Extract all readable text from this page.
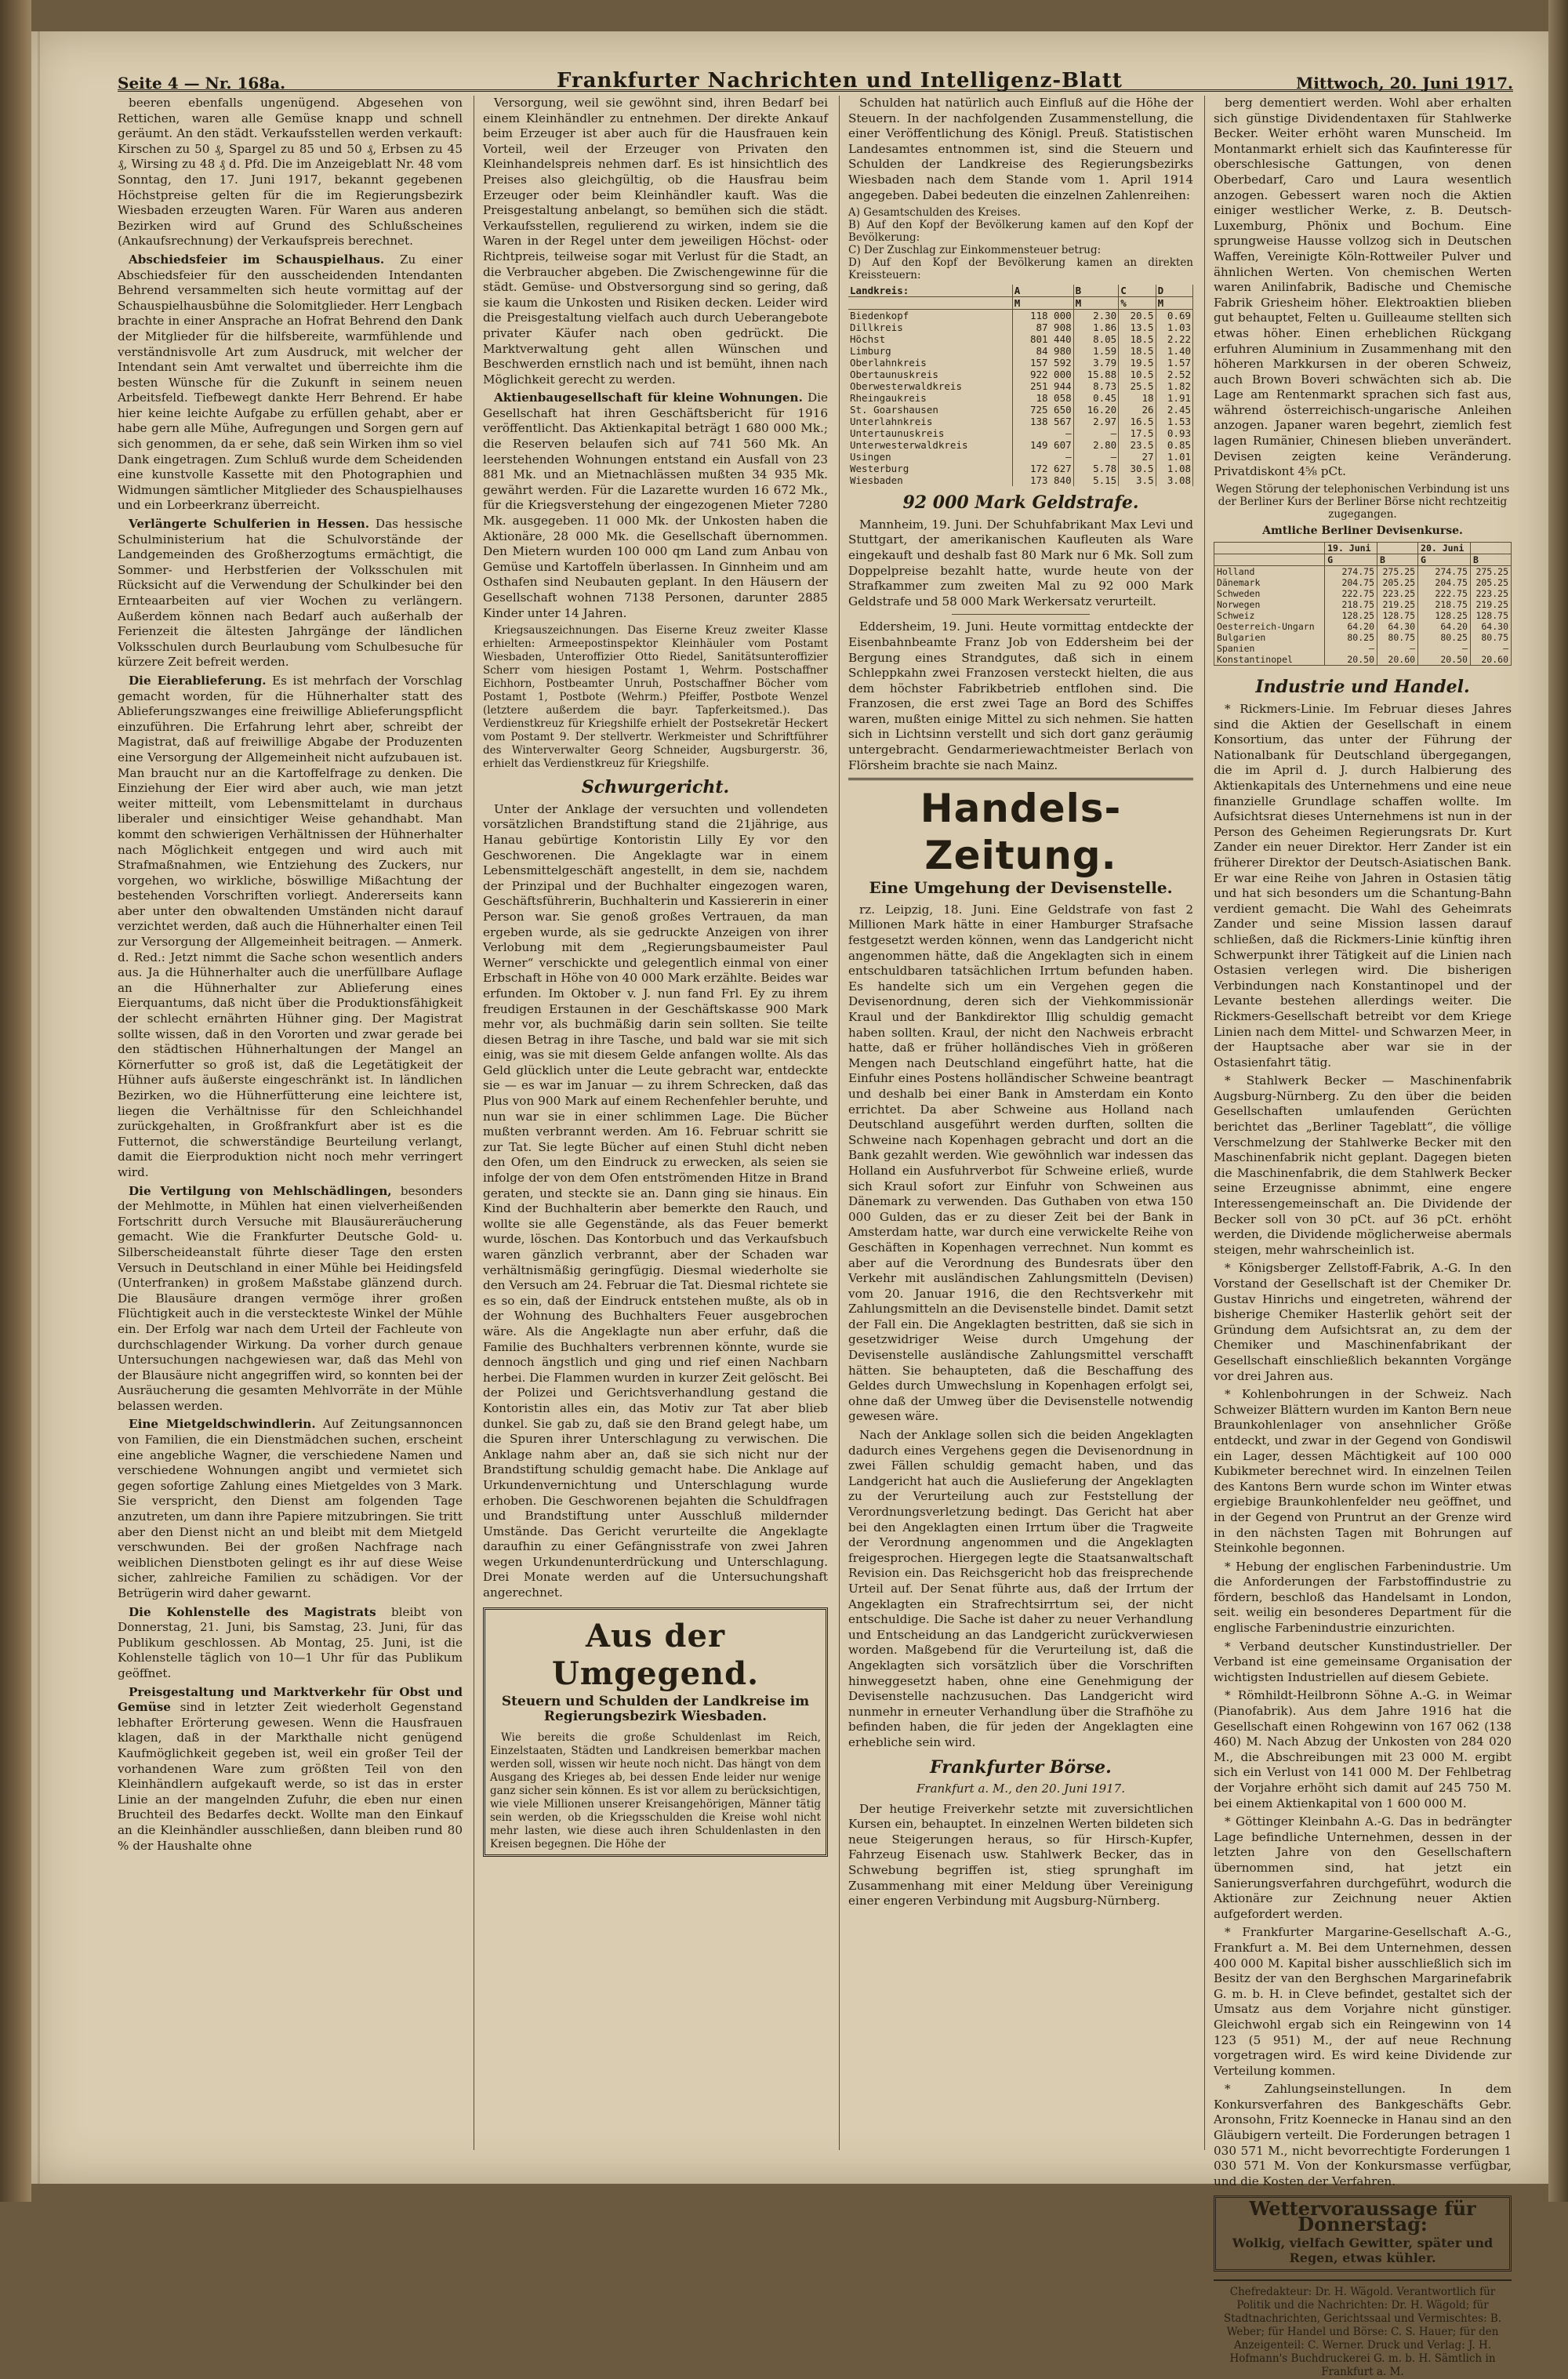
Seite 4 — Nr. 168a.	Frankfurter Nachrichten und Intelligenz-Blatt	Mittwoch, 20. Juni 1917.

beeren ebenfalls ungenügend. Abgesehen von Rettichen, waren alle Gemüse knapp und schnell geräumt. An den städt. Verkaufsstellen werden verkauft: Kirschen zu 50 ₰, Spargel zu 85 und 50 ₰, Erbsen zu 45 ₰, Wirsing zu 48 ₰ d. Pfd. Die im Anzeigeblatt Nr. 48 vom Sonntag, den 17. Juni 1917, bekannt gegebenen Höchstpreise gelten für die im Regierungsbezirk Wiesbaden erzeugten Waren. Für Waren aus anderen Bezirken wird auf Grund des Schlußscheines (Ankaufsrechnung) der Verkaufspreis berechnet.

Abschiedsfeier im Schauspielhaus. Zu einer Abschiedsfeier für den ausscheidenden Intendanten Behrend versammelten sich heute vormittag auf der Schauspielhausbühne die Solomitglieder. Herr Lengbach brachte in einer Ansprache an Hofrat Behrend den Dank der Mitglieder für die hilfsbereite, warmfühlende und verständnisvolle Art zum Ausdruck, mit welcher der Intendant sein Amt verwaltet und überreichte ihm die besten Wünsche für die Zukunft in seinem neuen Arbeitsfeld. Tiefbewegt dankte Herr Behrend. Er habe hier keine leichte Aufgabe zu erfüllen gehabt, aber er habe gern alle Mühe, Aufregungen und Sorgen gern auf sich genommen, da er sehe, daß sein Wirken ihm so viel Dank eingetragen. Zum Schluß wurde dem Scheidenden eine kunstvolle Kassette mit den Photographien und Widmungen sämtlicher Mitglieder des Schauspielhauses und ein Lorbeerkranz überreicht.

Verlängerte Schulferien in Hessen. Das hessische Schulministerium hat die Schulvorstände der Landgemeinden des Großherzogtums ermächtigt, die Sommer- und Herbstferien der Volksschulen mit Rücksicht auf die Verwendung der Schulkinder bei den Ernteaarbeiten auf vier Wochen zu verlängern. Außerdem können nach Bedarf auch außerhalb der Ferienzeit die ältesten Jahrgänge der ländlichen Volksschulen durch Beurlaubung vom Schulbesuche für kürzere Zeit befreit werden.

Die Eierablieferung. Es ist mehrfach der Vorschlag gemacht worden, für die Hühnerhalter statt des Ablieferungszwanges eine freiwillige Ablieferungspflicht einzuführen. Die Erfahrung lehrt aber, schreibt der Magistrat, daß auf freiwillige Abgabe der Produzenten eine Versorgung der Allgemeinheit nicht aufzubauen ist. Man braucht nur an die Kartoffelfrage zu denken. Die Einziehung der Eier wird aber auch, wie man jetzt weiter mitteilt, vom Lebensmittelamt in durchaus liberaler und einsichtiger Weise gehandhabt. Man kommt den schwierigen Verhältnissen der Hühnerhalter nach Möglichkeit entgegen und wird auch mit Strafmaßnahmen, wie Entziehung des Zuckers, nur vorgehen, wo wirkliche, böswillige Mißachtung der bestehenden Vorschriften vorliegt. Andererseits kann aber unter den obwaltenden Umständen nicht darauf verzichtet werden, daß auch die Hühnerhalter einen Teil zur Versorgung der Allgemeinheit beitragen. — Anmerk. d. Red.: Jetzt nimmt die Sache schon wesentlich anders aus. Ja die Hühnerhalter auch die unerfüllbare Auflage an die Hühnerhalter zur Ablieferung eines Eierquantums, daß nicht über die Produktionsfähigkeit der schlecht ernährten Hühner ging. Der Magistrat sollte wissen, daß in den Vororten und zwar gerade bei den städtischen Hühnerhaltungen der Mangel an Körnerfutter so groß ist, daß die Legetätigkeit der Hühner aufs äußerste eingeschränkt ist. In ländlichen Bezirken, wo die Hühnerfütterung eine leichtere ist, liegen die Verhältnisse für den Schleichhandel zurückgehalten, in Großfrankfurt aber ist es die Futternot, die schwerständige Beurteilung verlangt, damit die Eierproduktion nicht noch mehr verringert wird.

Die Vertilgung von Mehlschädlingen, besonders der Mehlmotte, in Mühlen hat einen vielverheißenden Fortschritt durch Versuche mit Blausäureräucherung gemacht. Wie die Frankfurter Deutsche Gold- u. Silberscheideanstalt führte dieser Tage den ersten Versuch in Deutschland in einer Mühle bei Heidingsfeld (Unterfranken) in großem Maßstabe glänzend durch. Die Blausäure drangen vermöge ihrer großen Flüchtigkeit auch in die versteckteste Winkel der Mühle ein. Der Erfolg war nach dem Urteil der Fachleute von durchschlagender Wirkung. Da vorher durch genaue Untersuchungen nachgewiesen war, daß das Mehl von der Blausäure nicht angegriffen wird, so konnten bei der Ausräucherung die gesamten Mehlvorräte in der Mühle belassen werden.

Eine Mietgeldschwindlerin. Auf Zeitungsannoncen von Familien, die ein Dienstmädchen suchen, erscheint eine angebliche Wagner, die verschiedene Namen und verschiedene Wohnungen angibt und vermietet sich gegen sofortige Zahlung eines Mietgeldes von 3 Mark. Sie verspricht, den Dienst am folgenden Tage anzutreten, um dann ihre Papiere mitzubringen. Sie tritt aber den Dienst nicht an und bleibt mit dem Mietgeld verschwunden. Bei der großen Nachfrage nach weiblichen Dienstboten gelingt es ihr auf diese Weise sicher, zahlreiche Familien zu schädigen. Vor der Betrügerin wird daher gewarnt.

Die Kohlenstelle des Magistrats bleibt von Donnerstag, 21. Juni, bis Samstag, 23. Juni, für das Publikum geschlossen. Ab Montag, 25. Juni, ist die Kohlenstelle täglich von 10—1 Uhr für das Publikum geöffnet.

Preisgestaltung und Marktverkehr für Obst und Gemüse sind in letzter Zeit wiederholt Gegenstand lebhafter Erörterung gewesen. Wenn die Hausfrauen klagen, daß in der Markthalle nicht genügend Kaufmöglichkeit gegeben ist, weil ein großer Teil der vorhandenen Ware zum größten Teil von den Kleinhändlern aufgekauft werde, so ist das in erster Linie an der mangelnden Zufuhr, die eben nur einen Bruchteil des Bedarfes deckt. Wollte man den Einkauf an die Kleinhändler ausschließen, dann bleiben rund 80 % der Haushalte ohne

Versorgung, weil sie gewöhnt sind, ihren Bedarf bei einem Kleinhändler zu entnehmen. Der direkte Ankauf beim Erzeuger ist aber auch für die Hausfrauen kein Vorteil, weil der Erzeuger von Privaten den Kleinhandelspreis nehmen darf. Es ist hinsichtlich des Preises also gleichgültig, ob die Hausfrau beim Erzeuger oder beim Kleinhändler kauft. Was die Preisgestaltung anbelangt, so bemühen sich die städt. Verkaufsstellen, regulierend zu wirken, indem sie die Waren in der Regel unter dem jeweiligen Höchst- oder Richtpreis, teilweise sogar mit Verlust für die Stadt, an die Verbraucher abgeben. Die Zwischengewinne für die städt. Gemüse- und Obstversorgung sind so gering, daß sie kaum die Unkosten und Risiken decken. Leider wird die Preisgestaltung vielfach auch durch Ueberangebote privater Käufer nach oben gedrückt. Die Marktverwaltung geht allen Wünschen und Beschwerden ernstlich nach und ist bemüht, ihnen nach Möglichkeit gerecht zu werden.

Aktienbaugesellschaft für kleine Wohnungen. Die Gesellschaft hat ihren Geschäftsbericht für 1916 veröffentlicht. Das Aktienkapital beträgt 1 680 000 Mk.; die Reserven belaufen sich auf 741 560 Mk. An leerstehenden Wohnungen entstand ein Ausfall von 23 881 Mk. und an Mietnachlässen mußten 34 935 Mk. gewährt werden. Für die Lazarette wurden 16 672 Mk., für die Kriegsverstehung der eingezogenen Mieter 7280 Mk. ausgegeben. 11 000 Mk. der Unkosten haben die Aktionäre, 28 000 Mk. die Gesellschaft übernommen. Den Mietern wurden 100 000 qm Land zum Anbau von Gemüse und Kartoffeln überlassen. In Ginnheim und am Osthafen sind Neubauten geplant. In den Häusern der Gesellschaft wohnen 7138 Personen, darunter 2885 Kinder unter 14 Jahren.

Kriegsauszeichnungen. Das Eiserne Kreuz zweiter Klasse erhielten: Armeepostinspektor Kleinhäuler vom Postamt Wiesbaden, Unteroffizier Otto Riedel, Sanitätsunteroffizier Scherr vom hiesigen Postamt 1, Wehrm. Postschaffner Eichhorn, Postbeamter Unruh, Postschaffner Böcher vom Postamt 1, Postbote (Wehrm.) Pfeiffer, Postbote Wenzel (letztere außerdem die bayr. Tapferkeitsmed.). Das Verdienstkreuz für Kriegshilfe erhielt der Postsekretär Heckert vom Postamt 9. Der stellvertr. Werkmeister und Schriftführer des Winterverwalter Georg Schneider, Augsburgerstr. 36, erhielt das Verdienstkreuz für Kriegshilfe.

Schwurgericht.

Unter der Anklage der versuchten und vollendeten vorsätzlichen Brandstiftung stand die 21jährige, aus Hanau gebürtige Kontoristin Lilly Ey vor den Geschworenen. Die Angeklagte war in einem Lebensmittelgeschäft angestellt, in dem sie, nachdem der Prinzipal und der Buchhalter eingezogen waren, Geschäftsführerin, Buchhalterin und Kassiererin in einer Person war. Sie genoß großes Vertrauen, da man ergeben wurde, als sie gedruckte Anzeigen von ihrer Verlobung mit dem „Regierungsbaumeister Paul Werner“ verschickte und gelegentlich einmal von einer Erbschaft in Höhe von 40 000 Mark erzählte. Beides war erfunden. Im Oktober v. J. nun fand Frl. Ey zu ihrem freudigen Erstaunen in der Geschäftskasse 900 Mark mehr vor, als buchmäßig darin sein sollten. Sie teilte diesen Betrag in ihre Tasche, und bald war sie mit sich einig, was sie mit diesem Gelde anfangen wollte. Als das Geld glücklich unter die Leute gebracht war, entdeckte sie — es war im Januar — zu ihrem Schrecken, daß das Plus von 900 Mark auf einem Rechenfehler beruhte, und nun war sie in einer schlimmen Lage. Die Bücher mußten verbrannt werden. Am 16. Februar schritt sie zur Tat. Sie legte Bücher auf einen Stuhl dicht neben den Ofen, um den Eindruck zu erwecken, als seien sie infolge der von dem Ofen entströmenden Hitze in Brand geraten, und steckte sie an. Dann ging sie hinaus. Ein Kind der Buchhalterin aber bemerkte den Rauch, und wollte sie alle Gegenstände, als das Feuer bemerkt wurde, löschen. Das Kontorbuch und das Verkaufsbuch waren gänzlich verbrannt, aber der Schaden war verhältnismäßig geringfügig. Diesmal wiederholte sie den Versuch am 24. Februar die Tat. Diesmal richtete sie es so ein, daß der Eindruck entstehen mußte, als ob in der Wohnung des Buchhalters Feuer ausgebrochen wäre. Als die Angeklagte nun aber erfuhr, daß die Familie des Buchhalters verbrennen könnte, wurde sie dennoch ängstlich und ging und rief einen Nachbarn herbei. Die Flammen wurden in kurzer Zeit gelöscht. Bei der Polizei und Gerichtsverhandlung gestand die Kontoristin alles ein, das Motiv zur Tat aber blieb dunkel. Sie gab zu, daß sie den Brand gelegt habe, um die Spuren ihrer Unterschlagung zu verwischen. Die Anklage nahm aber an, daß sie sich nicht nur der Brandstiftung schuldig gemacht habe. Die Anklage auf Urkundenvernichtung und Unterschlagung wurde erhoben. Die Geschworenen bejahten die Schuldfragen und Brandstiftung unter Ausschluß mildernder Umstände. Das Gericht verurteilte die Angeklagte daraufhin zu einer Gefängnisstrafe von zwei Jahren wegen Urkundenunterdrückung und Unterschlagung. Drei Monate werden auf die Untersuchungshaft angerechnet.

Aus der Umgegend.
Steuern und Schulden der Landkreise im Regierungsbezirk Wiesbaden.

Wie bereits die große Schuldenlast im Reich, Einzelstaaten, Städten und Landkreisen bemerkbar machen werden soll, wissen wir heute noch nicht. Das hängt von dem Ausgang des Krieges ab, bei dessen Ende leider nur wenige ganz sicher sein können. Es ist vor allem zu berücksichtigen, wie viele Millionen unserer Kreisangehörigen, Männer tätig sein werden, ob die Kriegsschulden die Kreise wohl nicht mehr lasten, wie diese auch ihren Schuldenlasten in den Kreisen begegnen. Die Höhe der

Schulden hat natürlich auch Einfluß auf die Höhe der Steuern. In der nachfolgenden Zusammenstellung, die einer Veröffentlichung des Königl. Preuß. Statistischen Landesamtes entnommen ist, sind die Steuern und Schulden der Landkreise des Regierungsbezirks Wiesbaden nach dem Stande vom 1. April 1914 angegeben. Dabei bedeuten die einzelnen Zahlenreihen:

A) Gesamtschulden des Kreises.
B) Auf den Kopf der Bevölkerung kamen auf den Kopf der Bevölkerung:
C) Der Zuschlag zur Einkommensteuer betrug:
D) Auf den Kopf der Bevölkerung kamen an direkten Kreissteuern:
Landkreis:	A	B	C	D
	M	M	%	M
Biedenkopf	118 000	2.30	20.5	0.69
Dillkreis	87 908	1.86	13.5	1.03
Höchst	801 440	8.05	18.5	2.22
Limburg	84 980	1.59	18.5	1.40
Oberlahnkreis	157 592	3.79	19.5	1.57
Obertaunuskreis	922 000	15.88	10.5	2.52
Oberwesterwaldkreis	251 944	8.73	25.5	1.82
Rheingaukreis	18 058	0.45	18	1.91
St. Goarshausen	725 650	16.20	26	2.45
Unterlahnkreis	138 567	2.97	16.5	1.53
Untertaunuskreis	—	—	17.5	0.93
Unterwesterwaldkreis	149 607	2.80	23.5	0.85
Usingen	—	—	27	1.01
Westerburg	172 627	5.78	30.5	1.08
Wiesbaden	173 840	5.15	3.5	3.08
92 000 Mark Geldstrafe.

Mannheim, 19. Juni. Der Schuhfabrikant Max Levi und Stuttgart, der amerikanischen Kaufleuten als Ware eingekauft und deshalb fast 80 Mark nur 6 Mk. Soll zum Doppelpreise bezahlt hatte, wurde heute von der Strafkammer zum zweiten Mal zu 92 000 Mark Geldstrafe und 58 000 Mark Werkersatz verurteilt.

Eddersheim, 19. Juni. Heute vormittag entdeckte der Eisenbahnbeamte Franz Job von Eddersheim bei der Bergung eines Strandgutes, daß sich in einem Schleppkahn zwei Franzosen versteckt hielten, die aus dem höchster Fabrikbetrieb entflohen sind. Die Franzosen, die erst zwei Tage an Bord des Schiffes waren, mußten einige Mittel zu sich nehmen. Sie hatten sich in Lichtsinn verstellt und sich dort ganz geräumig untergebracht. Gendarmeriewachtmeister Berlach von Flörsheim brachte sie nach Mainz.

Handels-Zeitung.
Eine Umgehung der Devisenstelle.

rz. Leipzig, 18. Juni. Eine Geldstrafe von fast 2 Millionen Mark hätte in einer Hamburger Strafsache festgesetzt werden können, wenn das Landgericht nicht angenommen hätte, daß die Angeklagten sich in einem entschuldbaren tatsächlichen Irrtum befunden haben. Es handelte sich um ein Vergehen gegen die Devisenordnung, deren sich der Viehkommissionär Kraul und der Bankdirektor Illig schuldig gemacht haben sollten. Kraul, der nicht den Nachweis erbracht hatte, daß er früher holländisches Vieh in größeren Mengen nach Deutschland eingeführt hatte, hat die Einfuhr eines Postens holländischer Schweine beantragt und deshalb bei einer Bank in Amsterdam ein Konto errichtet. Da aber Schweine aus Holland nach Deutschland ausgeführt werden durften, sollten die Schweine nach Kopenhagen gebracht und dort an die Bank gezahlt werden. Wie gewöhnlich war indessen das Holland ein Ausfuhrverbot für Schweine erließ, wurde sich Kraul sofort zur Einfuhr von Schweinen aus Dänemark zu verwenden. Das Guthaben von etwa 150 000 Gulden, das er zu dieser Zeit bei der Bank in Amsterdam hatte, war durch eine verwickelte Reihe von Geschäften in Kopenhagen verrechnet. Nun kommt es aber auf die Verordnung des Bundesrats über den Verkehr mit ausländischen Zahlungsmitteln (Devisen) vom 20. Januar 1916, die den Rechtsverkehr mit Zahlungsmitteln an die Devisenstelle bindet. Damit setzt der Fall ein. Die Angeklagten bestritten, daß sie sich in gesetzwidriger Weise durch Umgehung der Devisenstelle ausländische Zahlungsmittel verschafft hätten. Sie behaupteten, daß die Beschaffung des Geldes durch Umwechslung in Kopenhagen erfolgt sei, ohne daß der Umweg über die Devisenstelle notwendig gewesen wäre.

Nach der Anklage sollen sich die beiden Angeklagten dadurch eines Vergehens gegen die Devisenordnung in zwei Fällen schuldig gemacht haben, und das Landgericht hat auch die Auslieferung der Angeklagten zu der Verurteilung auch zur Feststellung der Verordnungsverletzung bedingt. Das Gericht hat aber bei den Angeklagten einen Irrtum über die Tragweite der Verordnung angenommen und die Angeklagten freigesprochen. Hiergegen legte die Staatsanwaltschaft Revision ein. Das Reichsgericht hob das freisprechende Urteil auf. Der Senat führte aus, daß der Irrtum der Angeklagten ein Strafrechtsirrtum sei, der nicht entschuldige. Die Sache ist daher zu neuer Verhandlung und Entscheidung an das Landgericht zurückverwiesen worden. Maßgebend für die Verurteilung ist, daß die Angeklagten sich vorsätzlich über die Vorschriften hinweggesetzt haben, ohne eine Genehmigung der Devisenstelle nachzusuchen. Das Landgericht wird nunmehr in erneuter Verhandlung über die Strafhöhe zu befinden haben, die für jeden der Angeklagten eine erhebliche sein wird.

Frankfurter Börse.
Frankfurt a. M., den 20. Juni 1917.

Der heutige Freiverkehr setzte mit zuversichtlichen Kursen ein, behauptet. In einzelnen Werten bildeten sich neue Steigerungen heraus, so für Hirsch-Kupfer, Fahrzeug Eisenach usw. Stahlwerk Becker, das in Schwebung begriffen ist, stieg sprunghaft im Zusammenhang mit einer Meldung über Vereinigung einer engeren Verbindung mit Augsburg-Nürnberg.

berg dementiert werden. Wohl aber erhalten sich günstige Dividendentaxen für Stahlwerke Becker. Weiter erhöht waren Munscheid. Im Montanmarkt erhielt sich das Kaufinteresse für oberschlesische Gattungen, von denen Oberbedarf, Caro und Laura wesentlich anzogen. Gebessert waren noch die Aktien einiger westlicher Werke, z. B. Deutsch-Luxemburg, Phönix und Bochum. Eine sprungweise Hausse vollzog sich in Deutschen Waffen, Vereinigte Köln-Rottweiler Pulver und ähnlichen Werten. Von chemischen Werten waren Anilinfabrik, Badische und Chemische Fabrik Griesheim höher. Elektroaktien blieben gut behauptet, Felten u. Guilleaume stellten sich etwas höher. Einen erheblichen Rückgang erfuhren Aluminium in Zusammenhang mit den höheren Markkursen in der oberen Schweiz, auch Brown Boveri schwächten sich ab. Die Lage am Rentenmarkt sprachen sich fast aus, während österreichisch-ungarische Anleihen anzogen. Japaner waren begehrt, ziemlich fest lagen Rumänier, Chinesen blieben unverändert. Devisen zeigten keine Veränderung. Privatdiskont 4⅝ pCt.

Wegen Störung der telephonischen Verbindung ist uns der Berliner Kurs der Berliner Börse nicht rechtzeitig zugegangen.

Amtliche Berliner Devisenkurse.
	19. Juni		20. Juni	
	G	B	G	B
Holland	274.75	275.25	274.75	275.25
Dänemark	204.75	205.25	204.75	205.25
Schweden	222.75	223.25	222.75	223.25
Norwegen	218.75	219.25	218.75	219.25
Schweiz	128.25	128.75	128.25	128.75
Oesterreich-Ungarn	64.20	64.30	64.20	64.30
Bulgarien	80.25	80.75	80.25	80.75
Spanien	—	—	—	—
Konstantinopel	20.50	20.60	20.50	20.60
Industrie und Handel.

* Rickmers-Linie. Im Februar dieses Jahres sind die Aktien der Gesellschaft in einem Konsortium, das unter der Führung der Nationalbank für Deutschland übergegangen, die im April d. J. durch Halbierung des Aktienkapitals des Unternehmens und eine neue finanzielle Grundlage schaffen wollte. Im Aufsichtsrat dieses Unternehmens ist nun in der Person des Geheimen Regierungsrats Dr. Kurt Zander ein neuer Direktor. Herr Zander ist ein früherer Direktor der Deutsch-Asiatischen Bank. Er war eine Reihe von Jahren in Ostasien tätig und hat sich besonders um die Schantung-Bahn verdient gemacht. Die Wahl des Geheimrats Zander und seine Mission lassen darauf schließen, daß die Rickmers-Linie künftig ihren Schwerpunkt ihrer Tätigkeit auf die Linien nach Ostasien verlegen wird. Die bisherigen Verbindungen nach Konstantinopel und der Levante bestehen allerdings weiter. Die Rickmers-Gesellschaft betreibt vor dem Kriege Linien nach dem Mittel- und Schwarzen Meer, in der Hauptsache aber war sie in der Ostasienfahrt tätig.

* Stahlwerk Becker — Maschinenfabrik Augsburg-Nürnberg. Zu den über die beiden Gesellschaften umlaufenden Gerüchten berichtet das „Berliner Tageblatt“, die völlige Verschmelzung der Stahlwerke Becker mit den Maschinenfabrik nicht geplant. Dagegen bieten die Maschinenfabrik, die dem Stahlwerk Becker seine Erzeugnisse abnimmt, eine engere Interessengemeinschaft an. Die Dividende der Becker soll von 30 pCt. auf 36 pCt. erhöht werden, die Dividende möglicherweise abermals steigen, mehr wahrscheinlich ist.

* Königsberger Zellstoff-Fabrik, A.-G. In den Vorstand der Gesellschaft ist der Chemiker Dr. Gustav Hinrichs und eingetreten, während der bisherige Chemiker Hasterlik gehört seit der Gründung dem Aufsichtsrat an, zu dem der Chemiker und Maschinenfabrikant der Gesellschaft einschließlich bekannten Vorgänge vor drei Jahren aus.

* Kohlenbohrungen in der Schweiz. Nach Schweizer Blättern wurden im Kanton Bern neue Braunkohlenlager von ansehnlicher Größe entdeckt, und zwar in der Gegend von Gondiswil ein Lager, dessen Mächtigkeit auf 100 000 Kubikmeter berechnet wird. In einzelnen Teilen des Kantons Bern wurde schon im Winter etwas ergiebige Braunkohlenfelder neu geöffnet, und in der Gegend von Pruntrut an der Grenze wird in den nächsten Tagen mit Bohrungen auf Steinkohle begonnen.

* Hebung der englischen Farbenindustrie. Um die Anforderungen der Farbstoffindustrie zu fördern, beschloß das Handelsamt in London, seit. weilig ein besonderes Department für die englische Farbenindustrie einzurichten.

* Verband deutscher Kunstindustrieller. Der Verband ist eine gemeinsame Organisation der wichtigsten Industriellen auf diesem Gebiete.

* Römhildt-Heilbronn Söhne A.-G. in Weimar (Pianofabrik). Aus dem Jahre 1916 hat die Gesellschaft einen Rohgewinn von 167 062 (138 460) M. Nach Abzug der Unkosten von 284 020 M., die Abschreibungen mit 23 000 M. ergibt sich ein Verlust von 141 000 M. Der Fehlbetrag der Vorjahre erhöht sich damit auf 245 750 M. bei einem Aktienkapital von 1 600 000 M.

* Göttinger Kleinbahn A.-G. Das in bedrängter Lage befindliche Unternehmen, dessen in der letzten Jahre von den Gesellschaftern übernommen sind, hat jetzt ein Sanierungsverfahren durchgeführt, wodurch die Aktionäre zur Zeichnung neuer Aktien aufgefordert werden.

* Frankfurter Margarine-Gesellschaft A.-G., Frankfurt a. M. Bei dem Unternehmen, dessen 400 000 M. Kapital bisher ausschließlich sich im Besitz der van den Berghschen Margarinefabrik G. m. b. H. in Cleve befindet, gestaltet sich der Umsatz aus dem Vorjahre nicht günstiger. Gleichwohl ergab sich ein Reingewinn von 14 123 (5 951) M., der auf neue Rechnung vorgetragen wird. Es wird keine Dividende zur Verteilung kommen.

* Zahlungseinstellungen. In dem Konkursverfahren des Bankgeschäfts Gebr. Aronsohn, Fritz Koennecke in Hanau sind an den Gläubigern verteilt. Die Forderungen betragen 1 030 571 M., nicht bevorrechtigte Forderungen 1 030 571 M. Von der Konkursmasse verfügbar, und die Kosten der Verfahren.

Wettervoraussage für Donnerstag:
Wolkig, vielfach Gewitter, später und Regen, etwas kühler.
Chefredakteur: Dr. H. Wägold. Verantwortlich für Politik und die Nachrichten: Dr. H. Wägold; für Stadtnachrichten, Gerichtssaal und Vermischtes: B. Weber; für Handel und Börse: C. S. Hauer; für den Anzeigenteil: C. Werner. Druck und Verlag: J. H. Hofmann's Buchdruckerei G. m. b. H. Sämtlich in Frankfurt a. M.
